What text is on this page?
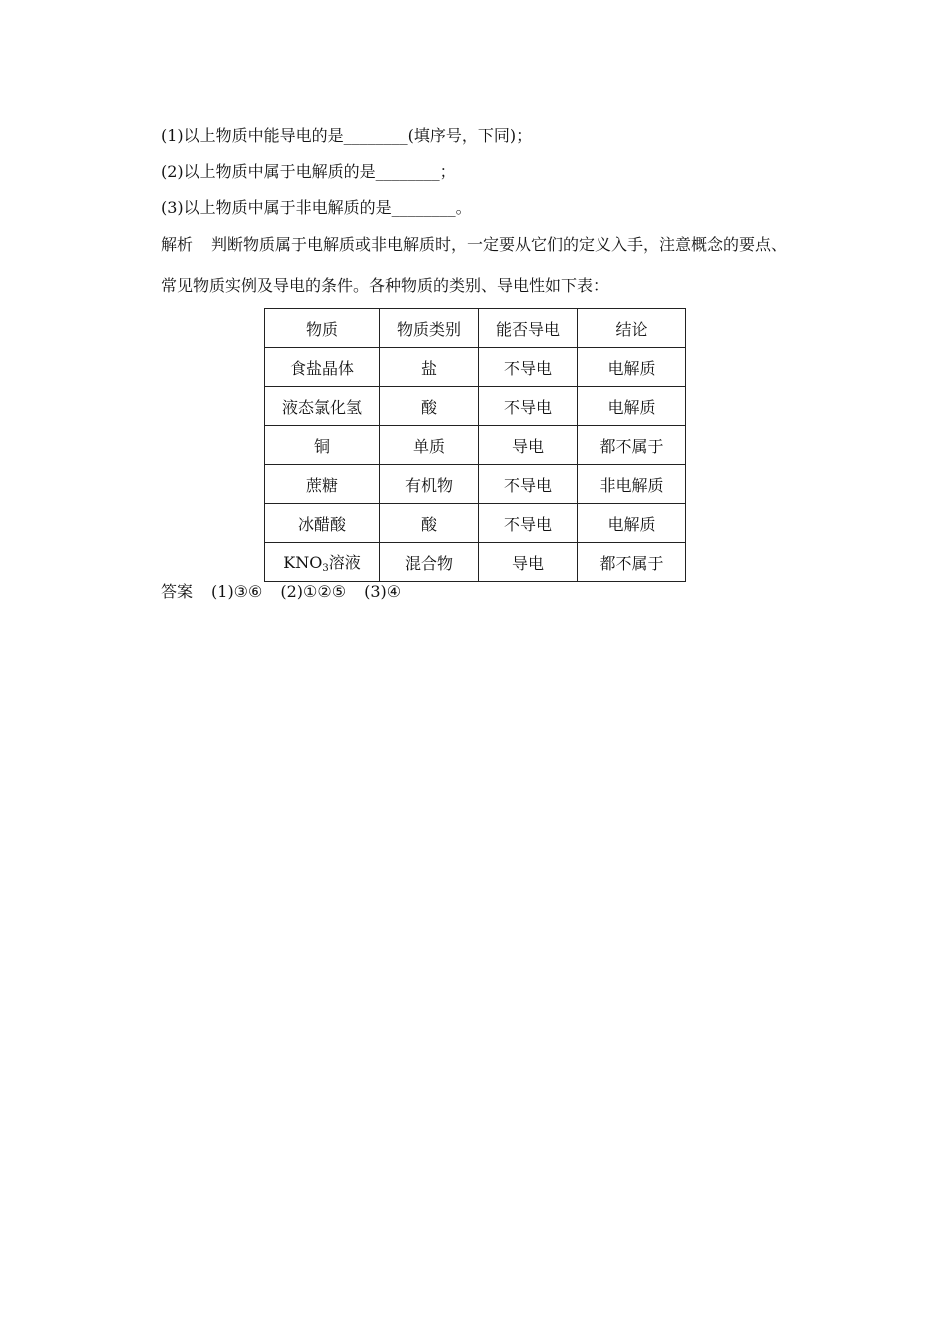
(1)以上物质中能导电的是________(填序号，下同)；
(2)以上物质中属于电解质的是________；
(3)以上物质中属于非电解质的是________。
解析 判断物质属于电解质或非电解质时，一定要从它们的定义入手，注意概念的要点、
常见物质实例及导电的条件。各种物质的类别、导电性如下表：
物质	物质类别	能否导电	结论
食盐晶体	盐	不导电	电解质
液态氯化氢	酸	不导电	电解质
铜	单质	导电	都不属于
蔗糖	有机物	不导电	非电解质
冰醋酸	酸	不导电	电解质
$KNO_3$溶液	混合物	导电	都不属于
答案 (1)③⑥ (2)①②⑤ (3)④
